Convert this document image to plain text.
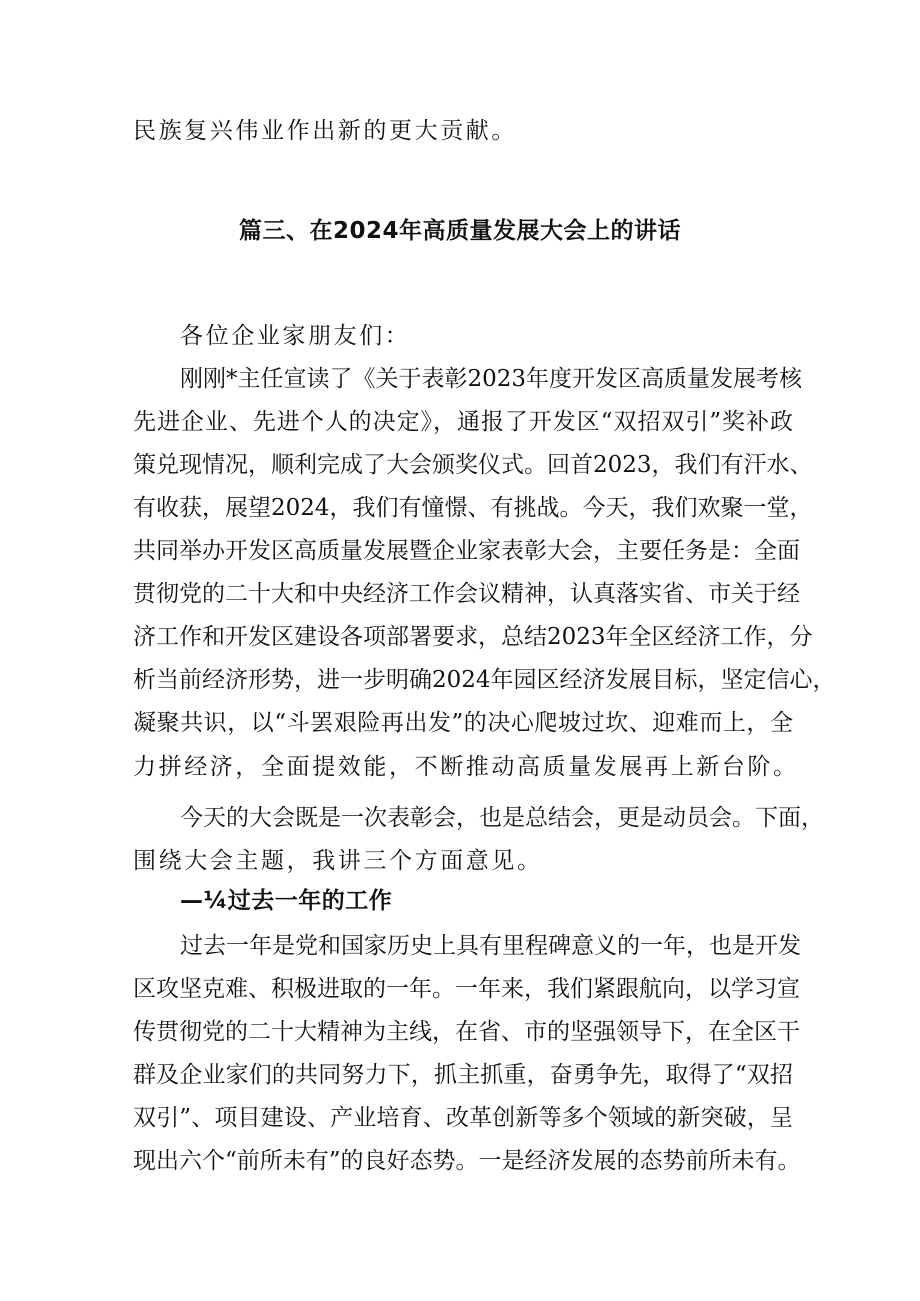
民族复兴伟业作出新的更大贡献。
篇三、在2024年高质量发展大会上的讲话
各位企业家朋友们：
刚刚*主任宣读了《关于表彰2023年度开发区高质量发展考核
先进企业、先进个人的决定》，通报了开发区“双招双引”奖补政
策兑现情况，顺利完成了大会颁奖仪式。回首2023，我们有汗水、
有收获，展望2024，我们有憧憬、有挑战。今天，我们欢聚一堂，
共同举办开发区高质量发展暨企业家表彰大会，主要任务是：全面
贯彻党的二十大和中央经济工作会议精神，认真落实省、市关于经
济工作和开发区建设各项部署要求，总结2023年全区经济工作，分
析当前经济形势，进一步明确2024年园区经济发展目标，坚定信心，
凝聚共识，以“斗罢艰险再出发”的决心爬坡过坎、迎难而上，全
力拼经济，全面提效能，不断推动高质量发展再上新台阶。
今天的大会既是一次表彰会，也是总结会，更是动员会。下面，
围绕大会主题，我讲三个方面意见。
—¼过去一年的工作
过去一年是党和国家历史上具有里程碑意义的一年，也是开发
区攻坚克难、积极进取的一年。一年来，我们紧跟航向，以学习宣
传贯彻党的二十大精神为主线，在省、市的坚强领导下，在全区干
群及企业家们的共同努力下，抓主抓重，奋勇争先，取得了“双招
双引”、项目建设、产业培育、改革创新等多个领域的新突破，呈
现出六个“前所未有”的良好态势。一是经济发展的态势前所未有。
